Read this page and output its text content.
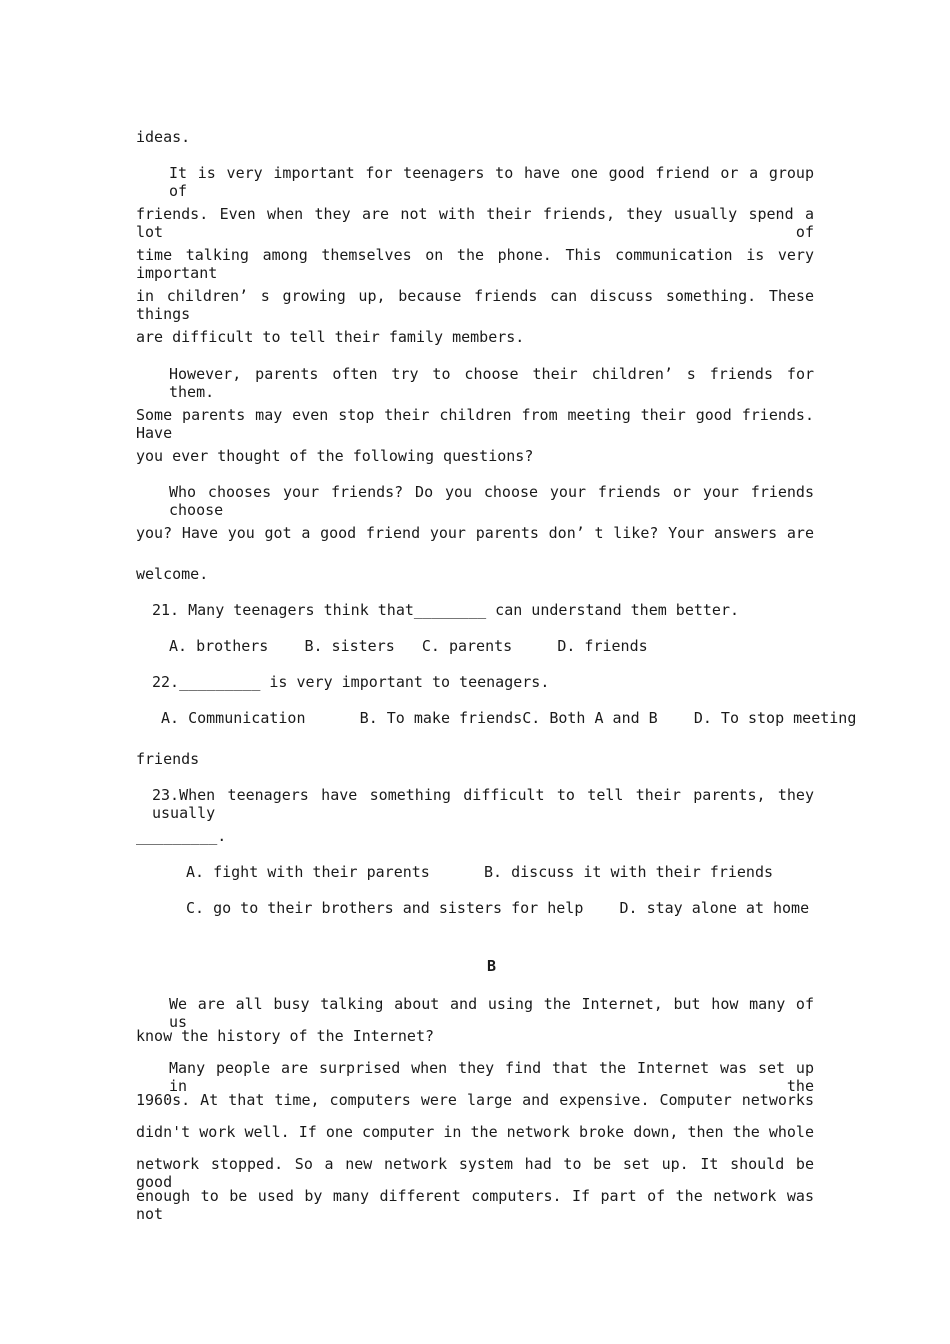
ideas.
It is very important for teenagers to have one good friend or a group of
friends. Even when they are not with their friends, they usually spend a lot of
time talking among themselves on the phone. This communication is very important
in children’ s growing up, because friends can discuss something. These things
are difficult to tell their family members.
However, parents often try to choose their children’ s friends for them.
Some parents may even stop their children from meeting their good friends. Have
you ever thought of the following questions?
Who chooses your friends? Do you choose your friends or your friends choose
you? Have you got a good friend your parents don’ t like? Your answers are
welcome.
21. Many teenagers think that________ can understand them better.
A. brothers    B. sisters   C. parents     D. friends
22._________ is very important to teenagers.
A. Communication      B. To make friendsC. Both A and B    D. To stop meeting
friends
23.When teenagers have something difficult to tell their parents, they usually
_________.
A. fight with their parents      B. discuss it with their friends
C. go to their brothers and sisters for help    D. stay alone at home
B
We are all busy talking about and using the Internet, but how many of us
know the history of the Internet?
Many people are surprised when they find that the Internet was set up in the
1960s. At that time, computers were large and expensive. Computer networks
didn't work well. If one computer in the network broke down, then the whole
network stopped. So a new network system had to be set up. It should be good
enough to be used by many different computers. If part of the network was not
